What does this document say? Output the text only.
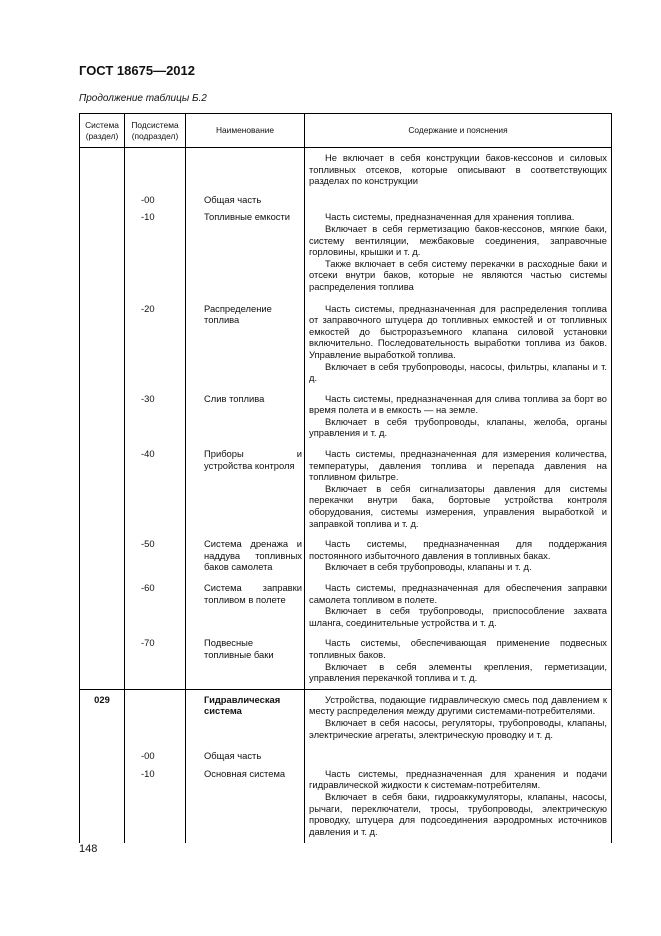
ГОСТ 18675—2012
Продолжение таблицы Б.2
Система (раздел)	Подсистема (подраздел)	Наименование	Содержание и пояснения

			Не включает в себя конструкции баков-кессонов и силовых топливных отсеков, которые описывают в соответствующих разделах по конструкции

	-00	Общая часть	
	-10	Топливные емкости	Часть системы, предназначенная для хранения топлива.
Включает в себя герметизацию баков-кессонов, мягкие баки, систему вентиляции, межбаковые соединения, заправочные горловины, крышки и т. д.
Также включает в себя систему перекачки в расходные баки и отсеки внутри баков, которые не являются частью системы распределения топлива

	-20	Распределение топлива	Часть системы, предназначенная для распределения топлива от заправочного штуцера до топливных емкостей и от топливных емкостей до быстроразъемного клапана силовой установки включительно. Последовательность выработки топлива из баков. Управление выработкой топлива.
Включает в себя трубопроводы, насосы, фильтры, клапаны и т. д.

	-30	Слив топлива	Часть системы, предназначенная для слива топлива за борт во время полета и в емкость — на земле.
Включает в себя трубопроводы, клапаны, желоба, органы управления и т. д.

	-40	Приборы и устройства контроля	Часть системы, предназначенная для измерения количества, температуры, давления топлива и перепада давления на топливном фильтре.
Включает в себя сигнализаторы давления для системы перекачки внутри бака, бортовые устройства контроля оборудования, системы измерения, управления выработкой и заправкой топлива и т. д.

	-50	Система дренажа и наддува топливных баков самолета	Часть системы, предназначенная для поддержания постоянного избыточного давления в топливных баках.
Включает в себя трубопроводы, клапаны и т. д.

	-60	Система заправки топливом в полете	Часть системы, предназначенная для обеспечения заправки самолета топливом в полете.
Включает в себя трубопроводы, приспособление захвата шланга, соединительные устройства и т. д.

	-70	Подвесные топливные баки	Часть системы, обеспечивающая применение подвесных топливных баков.
Включает в себя элементы крепления, герметизации, управления перекачкой топлива и т. д.

029		Гидравлическая система	Устройства, подающие гидравлическую смесь под давлением к месту распределения между другими системами-потребителями.
Включает в себя насосы, регуляторы, трубопроводы, клапаны, электрические агрегаты, электрическую проводку и т. д.

	-00	Общая часть	
	-10	Основная система	Часть системы, предназначенная для хранения и подачи гидравлической жидкости к системам-потребителям.
Включает в себя баки, гидроаккумуляторы, клапаны, насосы, рычаги, переключатели, тросы, трубопроводы, электрическую проводку, штуцера для подсоединения аэродромных источников давления и т. д.
148
